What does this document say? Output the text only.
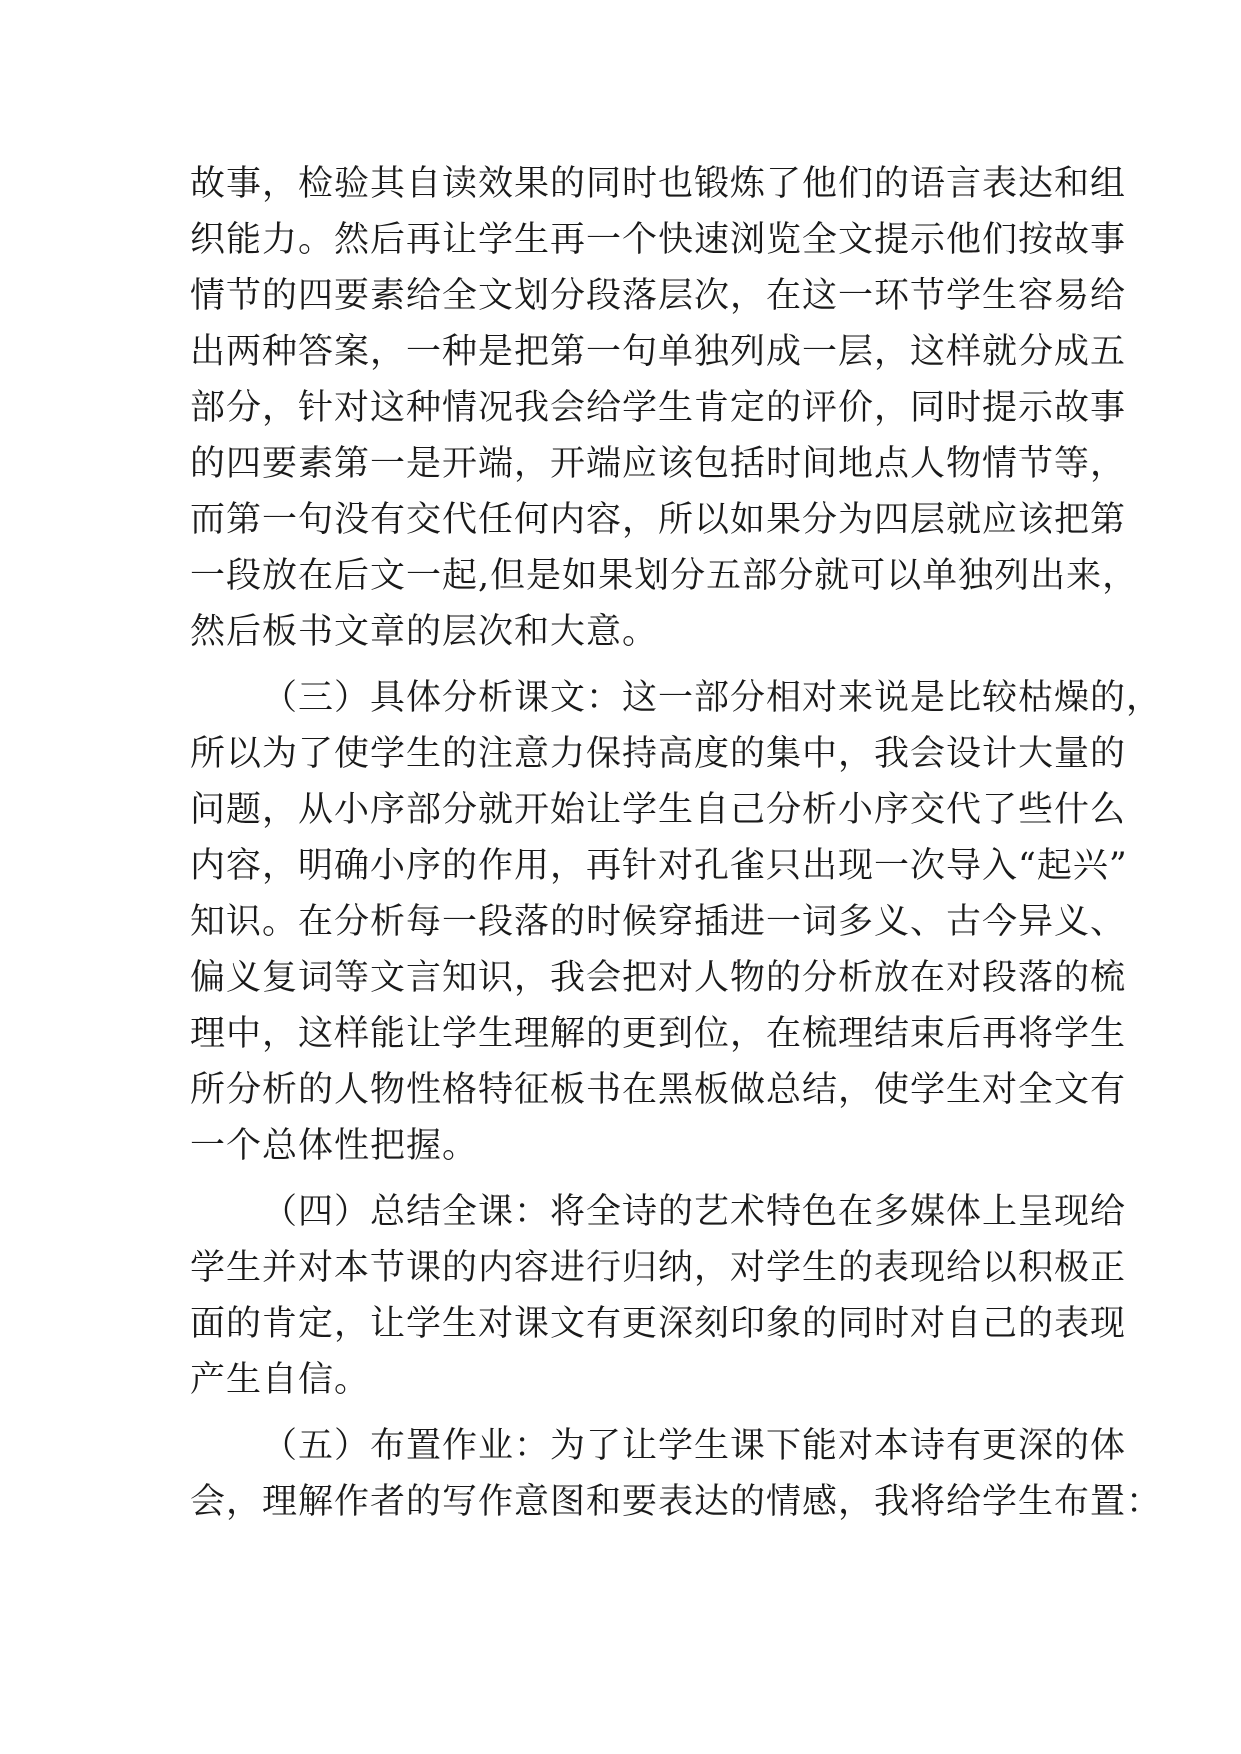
故事，检验其自读效果的同时也锻炼了他们的语言表达和组
织能力。然后再让学生再一个快速浏览全文提示他们按故事
情节的四要素给全文划分段落层次，在这一环节学生容易给
出两种答案，一种是把第一句单独列成一层，这样就分成五
部分，针对这种情况我会给学生肯定的评价，同时提示故事
的四要素第一是开端，开端应该包括时间地点人物情节等，
而第一句没有交代任何内容，所以如果分为四层就应该把第
一段放在后文一起,但是如果划分五部分就可以单独列出来，
然后板书文章的层次和大意。
（三）具体分析课文：这一部分相对来说是比较枯燥的，
所以为了使学生的注意力保持高度的集中，我会设计大量的
问题，从小序部分就开始让学生自己分析小序交代了些什么
内容，明确小序的作用，再针对孔雀只出现一次导入“起兴”
知识。在分析每一段落的时候穿插进一词多义、古今异义、
偏义复词等文言知识，我会把对人物的分析放在对段落的梳
理中，这样能让学生理解的更到位，在梳理结束后再将学生
所分析的人物性格特征板书在黑板做总结，使学生对全文有
一个总体性把握。
（四）总结全课：将全诗的艺术特色在多媒体上呈现给
学生并对本节课的内容进行归纳，对学生的表现给以积极正
面的肯定，让学生对课文有更深刻印象的同时对自己的表现
产生自信。
（五）布置作业：为了让学生课下能对本诗有更深的体
会，理解作者的写作意图和要表达的情感，我将给学生布置：
